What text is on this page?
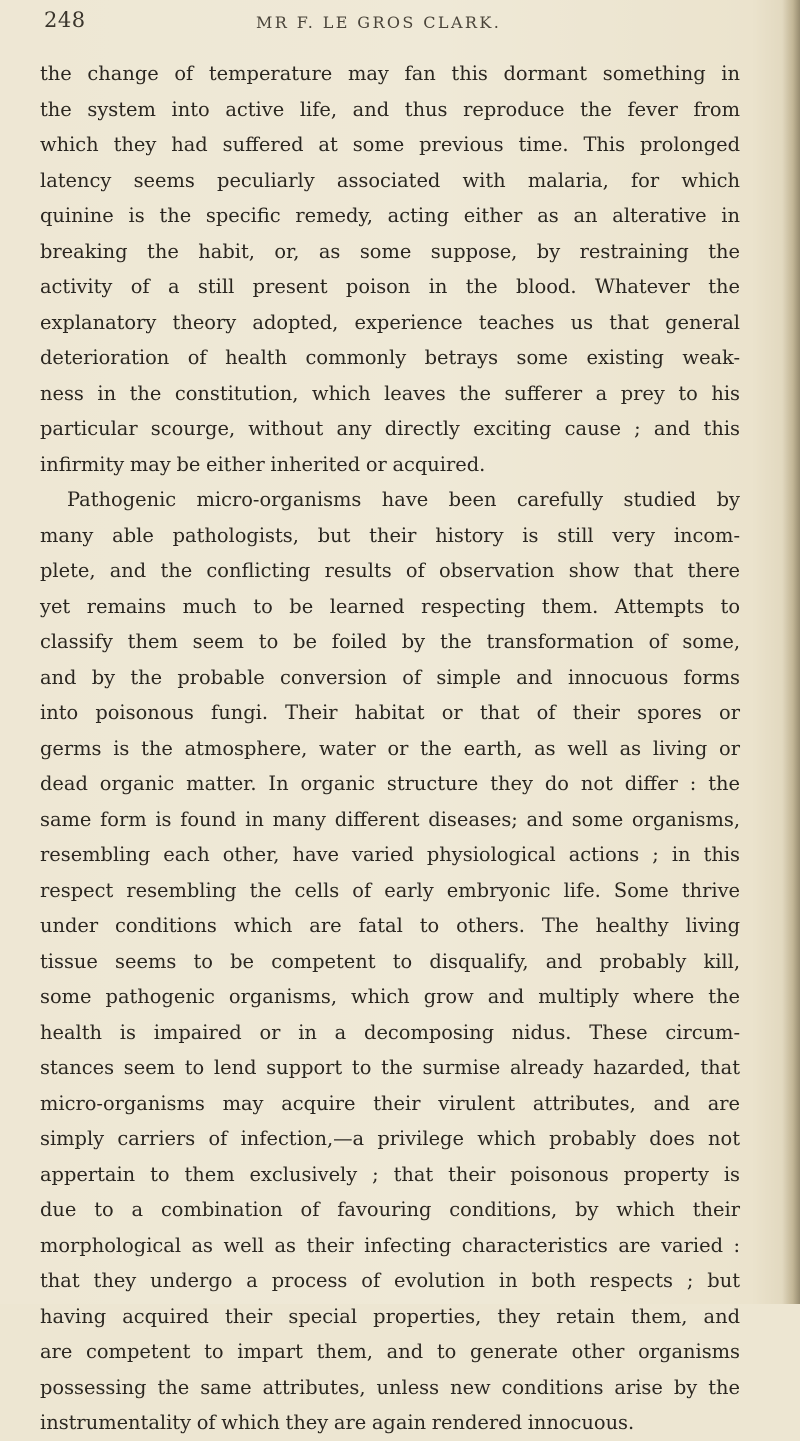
248	MR F. LE GROS CLARK.
the change of temperature may fan this dormant something in
the system into active life, and thus reproduce the fever from
which they had suffered at some previous time. This prolonged
latency seems peculiarly associated with malaria, for which
quinine is the specific remedy, acting either as an alterative in
breaking the habit, or, as some suppose, by restraining the
activity of a still present poison in the blood. Whatever the
explanatory theory adopted, experience teaches us that general
deterioration of health commonly betrays some existing weak-
ness in the constitution, which leaves the sufferer a prey to his
particular scourge, without any directly exciting cause ; and this
infirmity may be either inherited or acquired.
Pathogenic micro-organisms have been carefully studied by
many able pathologists, but their history is still very incom-
plete, and the conflicting results of observation show that there
yet remains much to be learned respecting them. Attempts to
classify them seem to be foiled by the transformation of some,
and by the probable conversion of simple and innocuous forms
into poisonous fungi. Their habitat or that of their spores or
germs is the atmosphere, water or the earth, as well as living or
dead organic matter. In organic structure they do not differ : the
same form is found in many different diseases; and some organisms,
resembling each other, have varied physiological actions ; in this
respect resembling the cells of early embryonic life. Some thrive
under conditions which are fatal to others. The healthy living
tissue seems to be competent to disqualify, and probably kill,
some pathogenic organisms, which grow and multiply where the
health is impaired or in a decomposing nidus. These circum-
stances seem to lend support to the surmise already hazarded, that
micro-organisms may acquire their virulent attributes, and are
simply carriers of infection,—a privilege which probably does not
appertain to them exclusively ; that their poisonous property is
due to a combination of favouring conditions, by which their
morphological as well as their infecting characteristics are varied :
that they undergo a process of evolution in both respects ; but
having acquired their special properties, they retain them, and
are competent to impart them, and to generate other organisms
possessing the same attributes, unless new conditions arise by the
instrumentality of which they are again rendered innocuous.
